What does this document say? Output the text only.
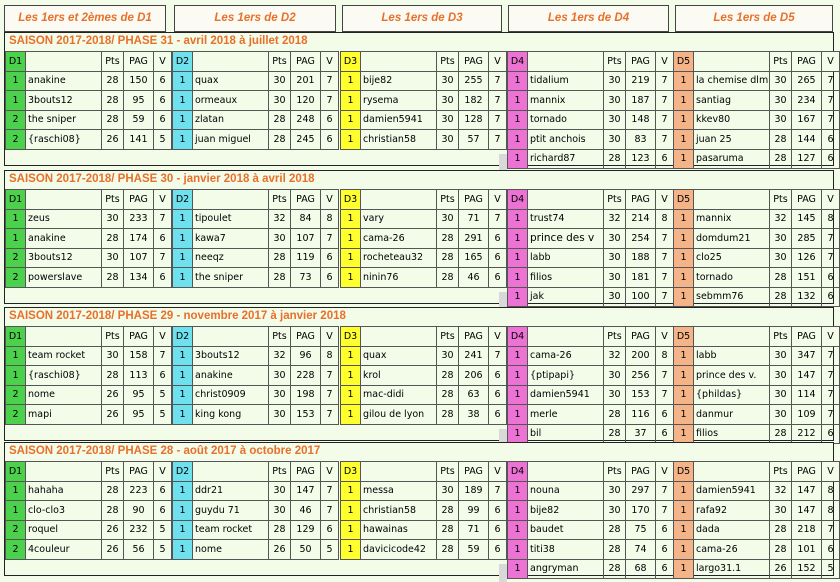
Les 1ers et 2èmes de D1	Les 1ers de D2	Les 1ers de D3	Les 1ers de D4	Les 1ers de D5
SAISON 2017-2018/ PHASE 31 - avril 2018 à juillet 2018
D1		Pts	PAG	V
1	anakine	28	150	6
1	3bouts12	28	95	6
2	the sniper	28	59	6
2	{raschi08}	26	141	5

D2		Pts	PAG	V
1	quax	30	201	7
1	ormeaux	30	120	7
1	zlatan	28	248	6
1	juan miguel	28	245	6

D3		Pts	PAG	V
1	bije82	30	255	7
1	rysema	30	182	7
1	damien5941	30	128	7
1	christian58	30	57	7

D4		Pts	PAG	V
1	tidalium	30	219	7
1	mannix	30	187	7
1	tornado	30	148	7
1	ptit anchois	30	83	7
1	richard87	28	123	6
D5		Pts	PAG	V
1	la chemise dlm	30	265	7
1	santiag	30	234	7
1	kkev80	30	167	7
1	juan 25	28	144	6
1	pasaruma	28	127	6
SAISON 2017-2018/ PHASE 30 - janvier 2018 à avril 2018
D1		Pts	PAG	V
1	zeus	30	233	7
1	anakine	28	174	6
2	3bouts12	30	107	7
2	powerslave	28	134	6

D2		Pts	PAG	V
1	tipoulet	32	84	8
1	kawa7	30	107	7
1	neeqz	28	119	6
1	the sniper	28	73	6

D3		Pts	PAG	V
1	vary	30	71	7
1	cama-26	28	291	6
1	rocheteau32	28	165	6
1	ninin76	28	46	6

D4		Pts	PAG	V
1	trust74	32	214	8
1	prince des v	30	254	7
1	labb	30	188	7
1	filios	30	181	7
1	jak	30	100	7
D5		Pts	PAG	V
1	mannix	32	145	8
1	domdum21	30	285	7
1	clo25	30	126	7
1	tornado	28	151	6
1	sebmm76	28	132	6
SAISON 2017-2018/ PHASE 29 - novembre 2017 à janvier 2018
D1		Pts	PAG	V
1	team rocket	30	158	7
1	{raschi08}	28	113	6
2	nome	26	95	5
2	mapi	26	95	5

D2		Pts	PAG	V
1	3bouts12	32	96	8
1	anakine	30	228	7
1	christ0909	30	198	7
1	king kong	30	153	7

D3		Pts	PAG	V
1	quax	30	241	7
1	krol	28	206	6
1	mac-didi	28	63	6
1	gilou de lyon	28	38	6

D4		Pts	PAG	V
1	cama-26	32	200	8
1	{ptipapi}	30	256	7
1	damien5941	30	153	7
1	merle	28	116	6
1	bil	28	37	6
D5		Pts	PAG	V
1	labb	30	347	7
1	prince des v.	30	147	7
1	{phildas}	30	114	7
1	danmur	30	109	7
1	filios	28	212	6
SAISON 2017-2018/ PHASE 28 - août 2017 à octobre 2017
D1		Pts	PAG	V
1	hahaha	28	223	6
1	clo-clo3	28	90	6
2	roquel	26	232	5
2	4couleur	26	56	5

D2		Pts	PAG	V
1	ddr21	30	147	7
1	guydu 71	30	46	7
1	team rocket	28	129	6
1	nome	26	50	5

D3		Pts	PAG	V
1	messa	30	189	7
1	christian58	28	99	6
1	hawainas	28	71	6
1	davicicode42	28	59	6

D4		Pts	PAG	V
1	nouna	30	297	7
1	bije82	30	170	7
1	baudet	28	75	6
1	titi38	28	74	6
1	angryman	28	68	6
D5		Pts	PAG	V
1	damien5941	32	147	8
1	rafa92	30	147	8
1	dada	28	218	7
1	cama-26	28	101	6
1	largo31.1	26	152	5
